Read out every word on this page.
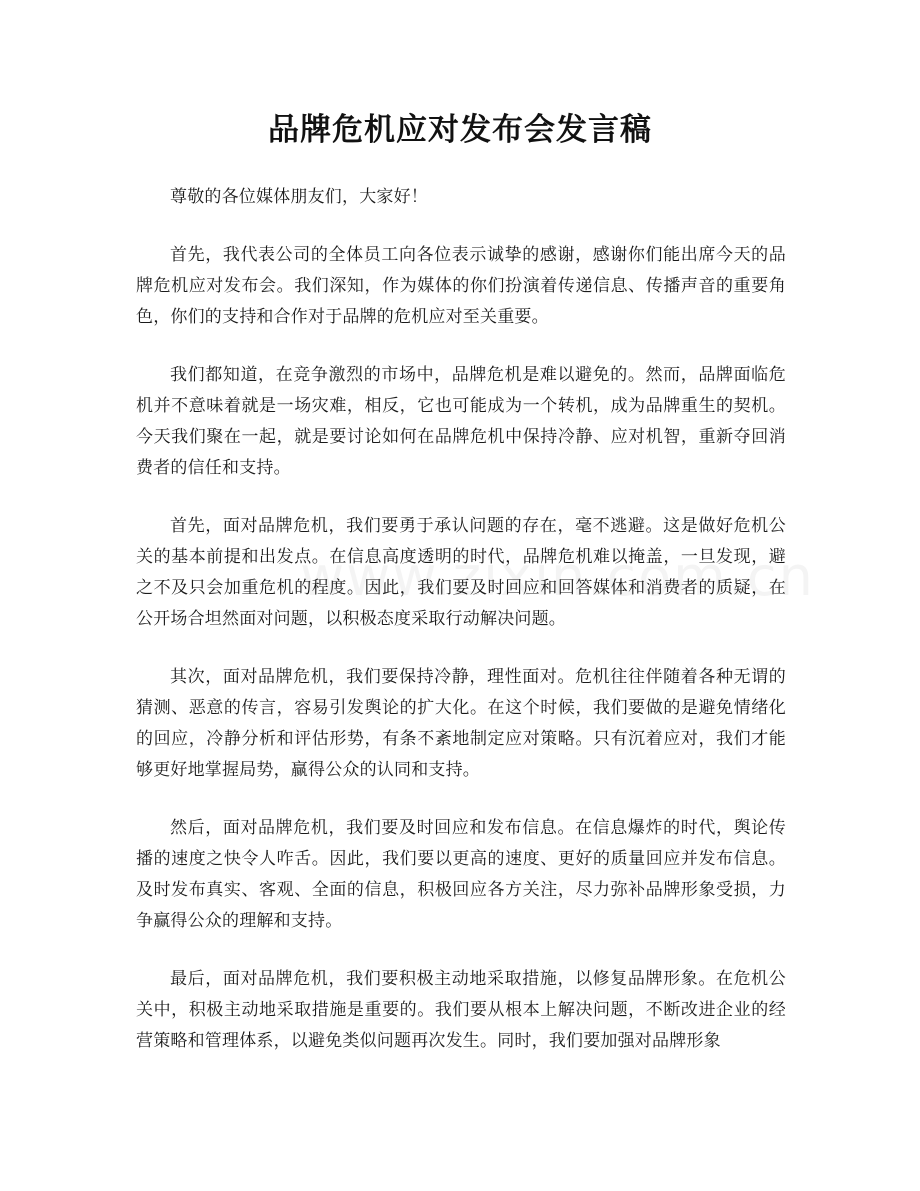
品牌危机应对发布会发言稿

尊敬的各位媒体朋友们，大家好！

首先，我代表公司的全体员工向各位表示诚挚的感谢，感谢你们能出席今天的品牌危机应对发布会。我们深知，作为媒体的你们扮演着传递信息、传播声音的重要角色，你们的支持和合作对于品牌的危机应对至关重要。

我们都知道，在竞争激烈的市场中，品牌危机是难以避免的。然而，品牌面临危机并不意味着就是一场灾难，相反，它也可能成为一个转机，成为品牌重生的契机。今天我们聚在一起，就是要讨论如何在品牌危机中保持冷静、应对机智，重新夺回消费者的信任和支持。

首先，面对品牌危机，我们要勇于承认问题的存在，毫不逃避。这是做好危机公关的基本前提和出发点。在信息高度透明的时代，品牌危机难以掩盖，一旦发现，避之不及只会加重危机的程度。因此，我们要及时回应和回答媒体和消费者的质疑，在公开场合坦然面对问题，以积极态度采取行动解决问题。

其次，面对品牌危机，我们要保持冷静，理性面对。危机往往伴随着各种无谓的猜测、恶意的传言，容易引发舆论的扩大化。在这个时候，我们要做的是避免情绪化的回应，冷静分析和评估形势，有条不紊地制定应对策略。只有沉着应对，我们才能够更好地掌握局势，赢得公众的认同和支持。

然后，面对品牌危机，我们要及时回应和发布信息。在信息爆炸的时代，舆论传播的速度之快令人咋舌。因此，我们要以更高的速度、更好的质量回应并发布信息。及时发布真实、客观、全面的信息，积极回应各方关注，尽力弥补品牌形象受损，力争赢得公众的理解和支持。

最后，面对品牌危机，我们要积极主动地采取措施，以修复品牌形象。在危机公关中，积极主动地采取措施是重要的。我们要从根本上解决问题，不断改进企业的经营策略和管理体系，以避免类似问题再次发生。同时，我们要加强对品牌形象
